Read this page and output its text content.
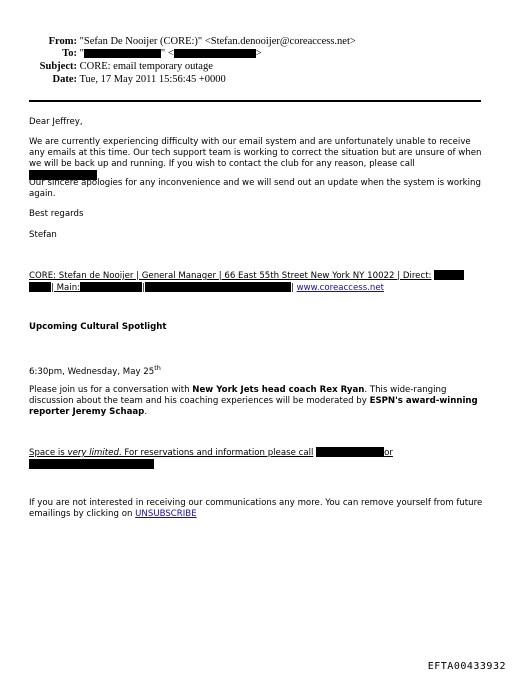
From: "Sefan De Nooijer (CORE:)" <Stefan.denooijer@coreaccess.net>
To: "	" <	>
Subject: CORE: email temporary outage
Date: Tue, 17 May 2011 15:56:45 +0000
Dear Jeffrey,

We are currently experiencing difficulty with our email system and are unfortunately unable to receive any emails at this time. Our tech support team is working to correct the situation but are unsure of when we will be back up and running. If you wish to contact the club for any reason, please call

Our sincere apologies for any inconvenience and we will send out an update when the system is working again.
Best regards
Stefan

CORE: Stefan de Nooijer | General Manager | 66 East 55th Street New York NY 10022 | Direct:

| Main:	|	| www.coreaccess.net

Upcoming Cultural Spotlight
6:30pm, Wednesday, May 25th
Please join us for a conversation with New York Jets head coach Rex Ryan. This wide-ranging discussion about the team and his coaching experiences will be moderated by ESPN's award-winning reporter Jeremy Schaap.

Space is very limited. For reservations and information please call	or

If you are not interested in receiving our communications any more. You can remove yourself from future emailings by clicking on UNSUBSCRIBE
EFTA00433932
